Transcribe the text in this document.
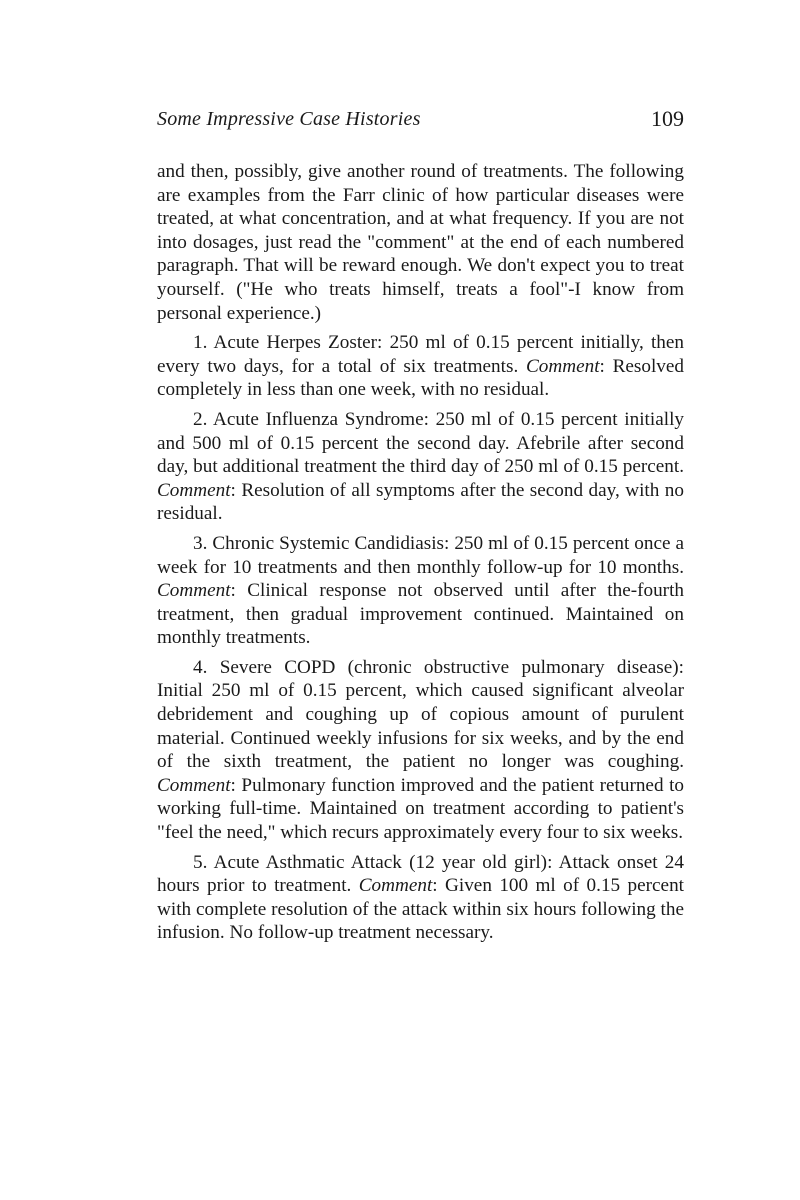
Some Impressive Case Histories	109

and then, possibly, give another round of treatments. The following are examples from the Farr clinic of how particular diseases were treated, at what concentration, and at what frequency. If you are not into dosages, just read the "comment" at the end of each numbered paragraph. That will be reward enough. We don't expect you to treat yourself. ("He who treats himself, treats a fool"-I know from personal experience.)

1. Acute Herpes Zoster: 250 ml of 0.15 percent initially, then every two days, for a total of six treatments. Comment: Resolved completely in less than one week, with no residual.

2. Acute Influenza Syndrome: 250 ml of 0.15 percent initially and 500 ml of 0.15 percent the second day. Afebrile after second day, but additional treatment the third day of 250 ml of 0.15 percent. Comment: Resolution of all symptoms after the second day, with no residual.

3. Chronic Systemic Candidiasis: 250 ml of 0.15 percent once a week for 10 treatments and then monthly follow-up for 10 months. Comment: Clinical response not observed until after the-fourth treatment, then gradual improvement continued. Maintained on monthly treatments.

4. Severe COPD (chronic obstructive pulmonary disease): Initial 250 ml of 0.15 percent, which caused significant alveolar debridement and coughing up of copious amount of purulent material. Continued weekly infusions for six weeks, and by the end of the sixth treatment, the patient no longer was coughing. Comment: Pulmonary function improved and the patient returned to working full-time. Maintained on treatment according to patient's "feel the need," which recurs approximately every four to six weeks.

5. Acute Asthmatic Attack (12 year old girl): Attack onset 24 hours prior to treatment. Comment: Given 100 ml of 0.15 percent with complete resolution of the attack within six hours following the infusion. No follow-up treatment necessary.
